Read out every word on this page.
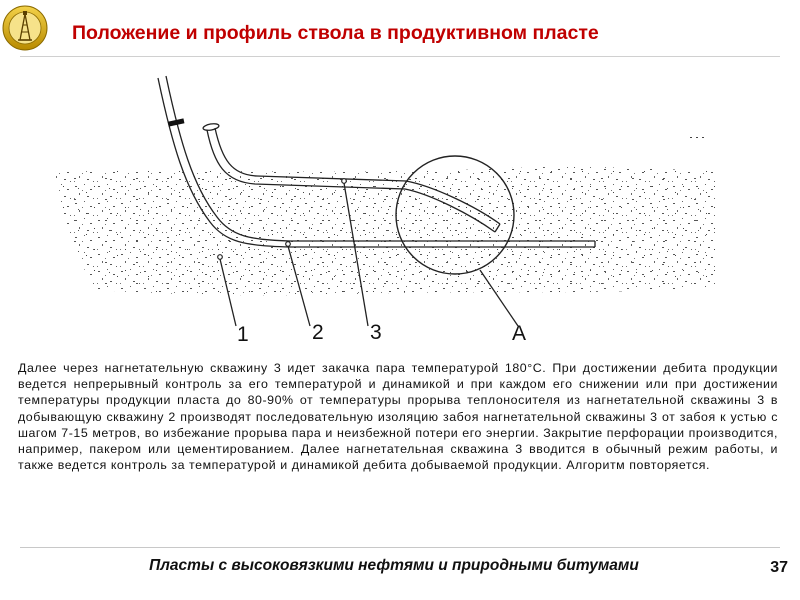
Положение и профиль ствола в продуктивном пласте
1	2 3	A
Далее через нагнетательную скважину 3 идет закачка пара температурой 180°С. При достижении дебита продукции ведется непрерывный контроль за его температурой и динамикой и при каждом его снижении или при достижении температуры продукции пласта до 80-90% от температуры прорыва теплоносителя из нагнетательной скважины 3 в добывающую скважину 2 производят последовательную изоляцию забоя нагнетательной скважины 3 от забоя к устью с шагом 7-15 метров, во избежание прорыва пара и неизбежной потери его энергии. Закрытие перфорации производится, например, пакером или цементированием. Далее нагнетательная скважина 3 вводится в обычный режим работы, и также ведется контроль за температурой и динамикой дебита добываемой продукции. Алгоритм повторяется.
Пласты с высоковязкими нефтями и природными битумами	37
